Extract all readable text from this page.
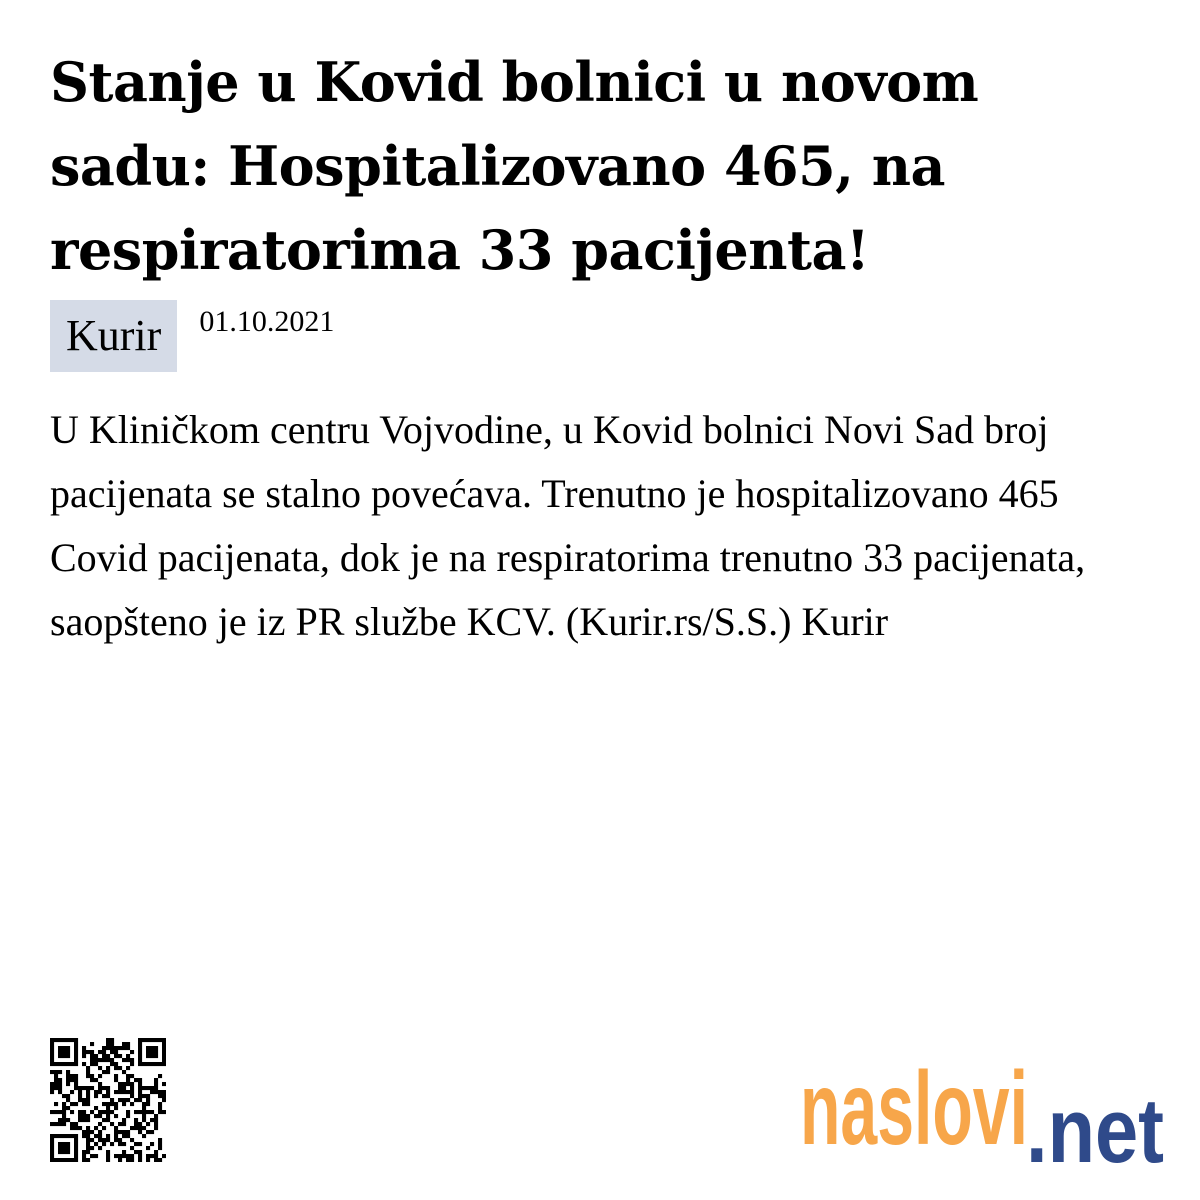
Stanje u Kovid bolnici u novom sadu: Hospitalizovano 465, na respiratorima 33 pacijenta!
Kurir	01.10.2021

U Kliničkom centru Vojvodine, u Kovid bolnici Novi Sad broj pacijenata se stalno povećava. Trenutno je hospitalizovano 465 Covid pacijenata, dok je na respiratorima trenutno 33 pacijenata, saopšteno je iz PR službe KCV. (Kurir.rs/S.S.) Kurir

naslovi
.net
